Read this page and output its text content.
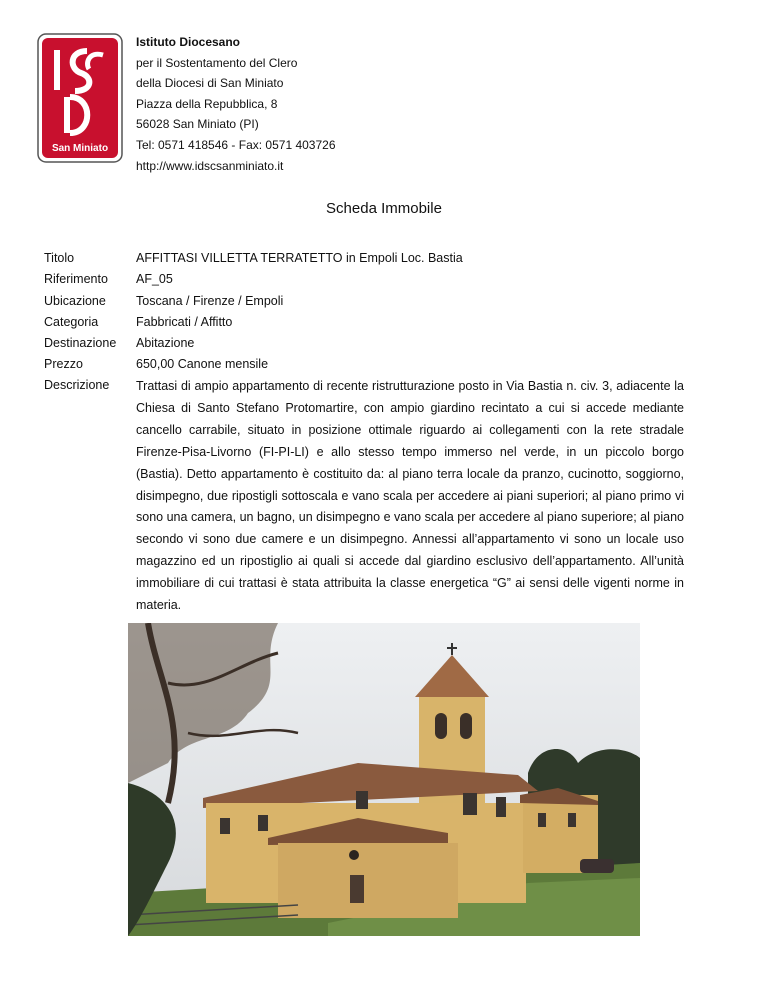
San Miniato
Istituto Diocesano
per il Sostentamento del Clero
della Diocesi di San Miniato
Piazza della Repubblica, 8
56028 San Miniato (PI)
Tel: 0571 418546 - Fax: 0571 403726
http://www.idscsanminiato.it
Scheda Immobile
Titolo	AFFITTASI VILLETTA TERRATETTO in Empoli Loc. Bastia
Riferimento	AF_05
Ubicazione	Toscana / Firenze / Empoli
Categoria	Fabbricati / Affitto
Destinazione	Abitazione
Prezzo	650,00 Canone mensile
Descrizione	Trattasi di ampio appartamento di recente ristrutturazione posto in Via Bastia n. civ. 3, adiacente la Chiesa di Santo Stefano Protomartire, con ampio giardino recintato a cui si accede mediante cancello carrabile, situato in posizione ottimale riguardo ai collegamenti con la rete stradale Firenze-Pisa-Livorno (FI-PI-LI) e allo stesso tempo immerso nel verde, in un piccolo borgo (Bastia). Detto appartamento è costituito da: al piano terra locale da pranzo, cucinotto, soggiorno, disimpegno, due ripostigli sottoscala e vano scala per accedere ai piani superiori; al piano primo vi sono una camera, un bagno, un disimpegno e vano scala per accedere al piano superiore; al piano secondo vi sono due camere e un disimpegno. Annessi all’appartamento vi sono un locale uso magazzino ed un ripostiglio ai quali si accede dal giardino esclusivo dell’appartamento. All’unità immobiliare di cui trattasi è stata attribuita la classe energetica “G” ai sensi delle vigenti norme in materia.
